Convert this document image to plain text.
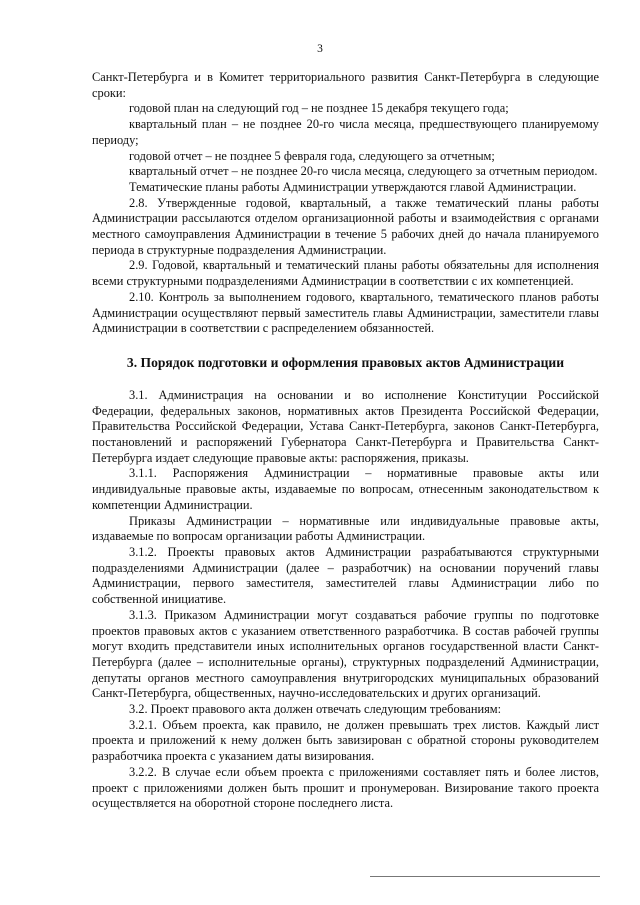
3

Санкт-Петербурга и в Комитет территориального развития Санкт-Петербурга в следующие сроки:

годовой план на следующий год – не позднее 15 декабря текущего года;

квартальный план – не позднее 20-го числа месяца, предшествующего планируемому периоду;

годовой отчет – не позднее 5 февраля года, следующего за отчетным;

квартальный отчет – не позднее 20-го числа месяца, следующего за отчетным периодом.

Тематические планы работы Администрации утверждаются главой Администрации.

2.8. Утвержденные годовой, квартальный, а также тематический планы работы Администрации рассылаются отделом организационной работы и взаимодействия с органами местного самоуправления Администрации в течение 5 рабочих дней до начала планируемого периода в структурные подразделения Администрации.

2.9. Годовой, квартальный и тематический планы работы обязательны для исполнения всеми структурными подразделениями Администрации в соответствии с их компетенцией.

2.10. Контроль за выполнением годового, квартального, тематического планов работы Администрации осуществляют первый заместитель главы Администрации, заместители главы Администрации в соответствии с распределением обязанностей.

3. Порядок подготовки и оформления правовых актов Администрации

3.1. Администрация на основании и во исполнение Конституции Российской Федерации, федеральных законов, нормативных актов Президента Российской Федерации, Правительства Российской Федерации, Устава Санкт-Петербурга, законов Санкт-Петербурга, постановлений и распоряжений Губернатора Санкт-Петербурга и Правительства Санкт-Петербурга издает следующие правовые акты: распоряжения, приказы.

3.1.1. Распоряжения Администрации – нормативные правовые акты или индивидуальные правовые акты, издаваемые по вопросам, отнесенным законодательством к компетенции Администрации.

Приказы Администрации – нормативные или индивидуальные правовые акты, издаваемые по вопросам организации работы Администрации.

3.1.2. Проекты правовых актов Администрации разрабатываются структурными подразделениями Администрации (далее – разработчик) на основании поручений главы Администрации, первого заместителя, заместителей главы Администрации либо по собственной инициативе.

3.1.3. Приказом Администрации могут создаваться рабочие группы по подготовке проектов правовых актов с указанием ответственного разработчика. В состав рабочей группы могут входить представители иных исполнительных органов государственной власти Санкт-Петербурга (далее – исполнительные органы), структурных подразделений Администрации, депутаты органов местного самоуправления внутригородских муниципальных образований Санкт-Петербурга, общественных, научно-исследовательских и других организаций.

3.2. Проект правового акта должен отвечать следующим требованиям:

3.2.1. Объем проекта, как правило, не должен превышать трех листов. Каждый лист проекта и приложений к нему должен быть завизирован с обратной стороны руководителем разработчика проекта с указанием даты визирования.

3.2.2. В случае если объем проекта с приложениями составляет пять и более листов, проект с приложениями должен быть прошит и пронумерован. Визирование такого проекта осуществляется на оборотной стороне последнего листа.
